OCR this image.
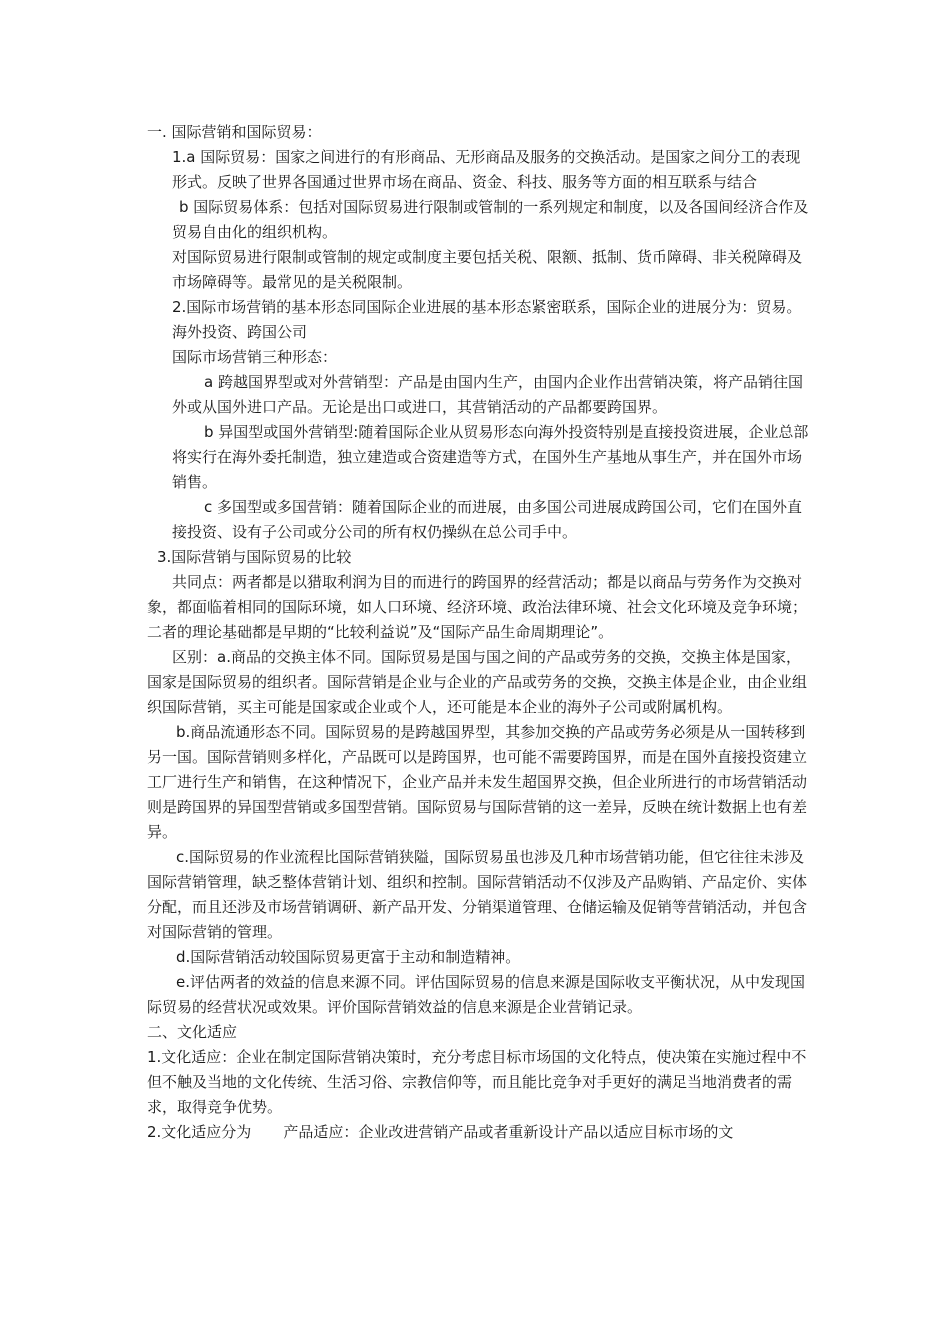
一. 国际营销和国际贸易：

1.a 国际贸易：国家之间进行的有形商品、无形商品及服务的交换活动。是国家之间分工的表现形式。反映了世界各国通过世界市场在商品、资金、科技、服务等方面的相互联系与结合

b 国际贸易体系：包括对国际贸易进行限制或管制的一系列规定和制度，以及各国间经济合作及贸易自由化的组织机构。

对国际贸易进行限制或管制的规定或制度主要包括关税、限额、抵制、货币障碍、非关税障碍及市场障碍等。最常见的是关税限制。

2.国际市场营销的基本形态同国际企业进展的基本形态紧密联系，国际企业的进展分为：贸易。海外投资、跨国公司

国际市场营销三种形态：

a 跨越国界型或对外营销型：产品是由国内生产，由国内企业作出营销决策，将产品销往国外或从国外进口产品。无论是出口或进口，其营销活动的产品都要跨国界。

b 异国型或国外营销型:随着国际企业从贸易形态向海外投资特别是直接投资进展，企业总部将实行在海外委托制造，独立建造或合资建造等方式，在国外生产基地从事生产，并在国外市场销售。

c 多国型或多国营销：随着国际企业的而进展，由多国公司进展成跨国公司，它们在国外直接投资、设有子公司或分公司的所有权仍操纵在总公司手中。

3.国际营销与国际贸易的比较

共同点：两者都是以猎取利润为目的而进行的跨国界的经营活动；都是以商品与劳务作为交换对象，都面临着相同的国际环境，如人口环境、经济环境、政治法律环境、社会文化环境及竞争环境；二者的理论基础都是早期的“比较利益说”及“国际产品生命周期理论”。

区别：a.商品的交换主体不同。国际贸易是国与国之间的产品或劳务的交换，交换主体是国家，国家是国际贸易的组织者。国际营销是企业与企业的产品或劳务的交换，交换主体是企业，由企业组织国际营销，买主可能是国家或企业或个人，还可能是本企业的海外子公司或附属机构。

b.商品流通形态不同。国际贸易的是跨越国界型，其参加交换的产品或劳务必须是从一国转移到另一国。国际营销则多样化，产品既可以是跨国界，也可能不需要跨国界，而是在国外直接投资建立工厂进行生产和销售，在这种情况下，企业产品并未发生超国界交换，但企业所进行的市场营销活动则是跨国界的异国型营销或多国型营销。国际贸易与国际营销的这一差异，反映在统计数据上也有差异。

c.国际贸易的作业流程比国际营销狭隘，国际贸易虽也涉及几种市场营销功能，但它往往未涉及国际营销管理，缺乏整体营销计划、组织和控制。国际营销活动不仅涉及产品购销、产品定价、实体分配，而且还涉及市场营销调研、新产品开发、分销渠道管理、仓储运输及促销等营销活动，并包含对国际营销的管理。

d.国际营销活动较国际贸易更富于主动和制造精神。

e.评估两者的效益的信息来源不同。评估国际贸易的信息来源是国际收支平衡状况，从中发现国际贸易的经营状况或效果。评价国际营销效益的信息来源是企业营销记录。

二、文化适应

1.文化适应：企业在制定国际营销决策时，充分考虑目标市场国的文化特点，使决策在实施过程中不但不触及当地的文化传统、生活习俗、宗教信仰等，而且能比竞争对手更好的满足当地消费者的需求，取得竞争优势。

2.文化适应分为 产品适应：企业改进营销产品或者重新设计产品以适应目标市场的文
